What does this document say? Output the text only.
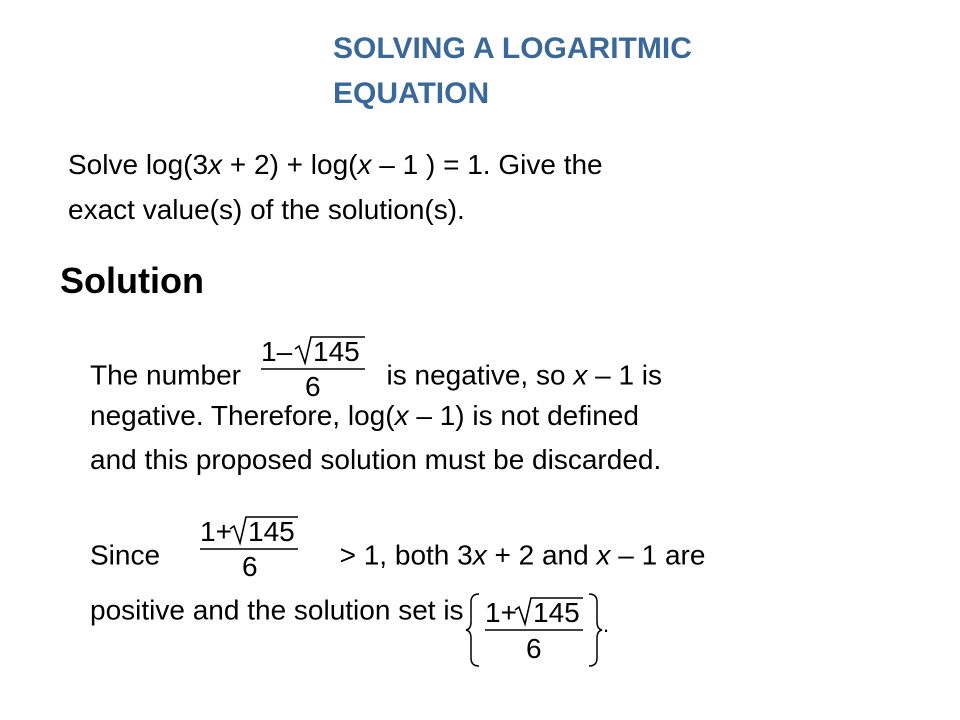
SOLVING A LOGARITMIC
EQUATION
Solve log(3x + 2) + log(x – 1 ) = 1. Give the
exact value(s) of the solution(s).
Solution
The number
1– 145
6 is negative, so x – 1 is
negative. Therefore, log(x – 1) is not defined
and this proposed solution must be discarded.
Since
1+ 145
6	> 1, both 3x + 2 and x – 1 are
positive and the solution set is 1+ 145
6
.
